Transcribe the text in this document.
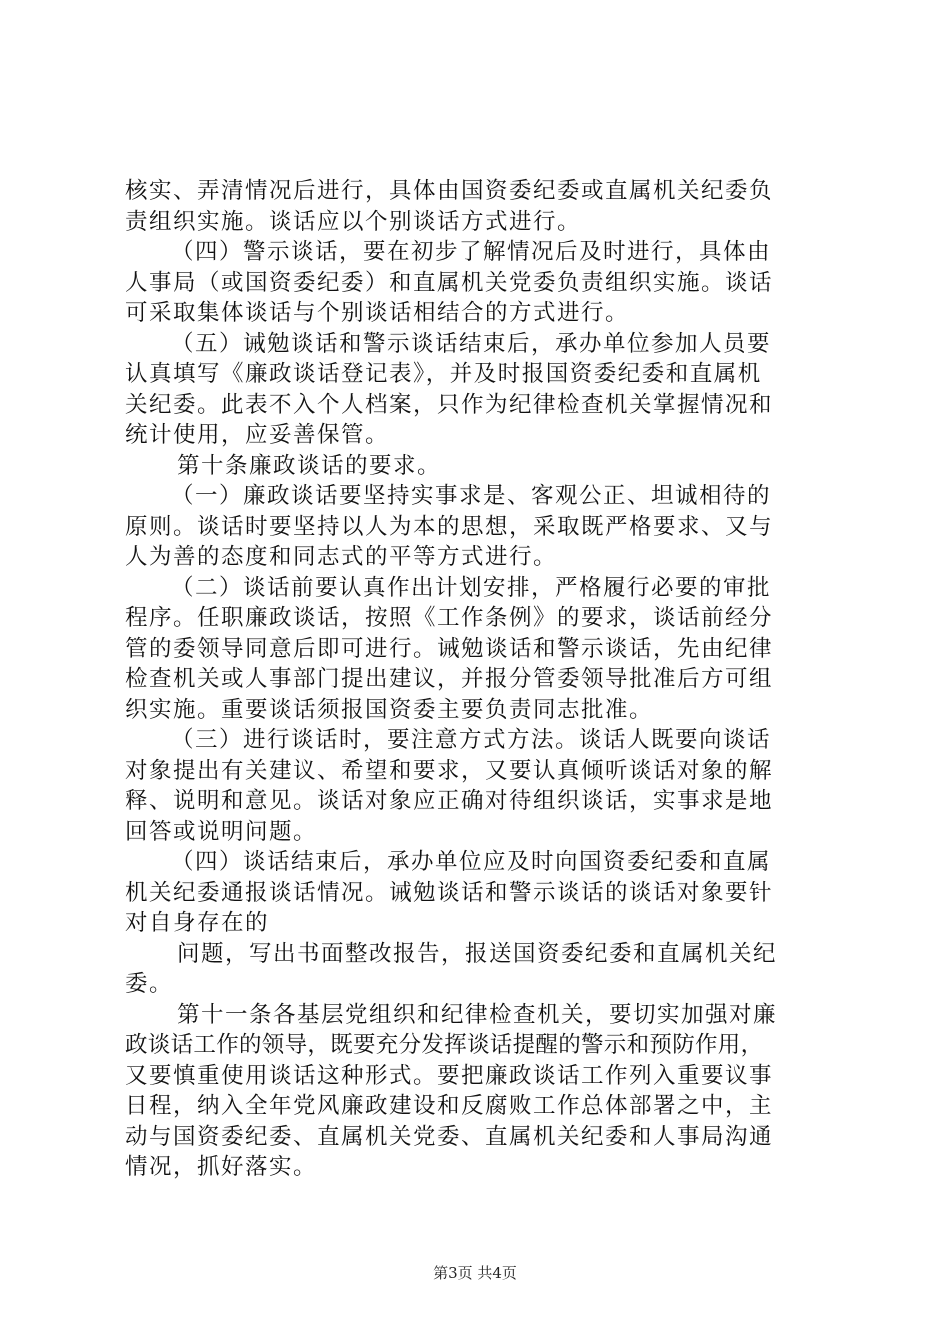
核实、弄清情况后进行，具体由国资委纪委或直属机关纪委负
责组织实施。谈话应以个别谈话方式进行。
（四）警示谈话，要在初步了解情况后及时进行，具体由
人事局（或国资委纪委）和直属机关党委负责组织实施。谈话
可采取集体谈话与个别谈话相结合的方式进行。
（五）诫勉谈话和警示谈话结束后，承办单位参加人员要
认真填写《廉政谈话登记表》，并及时报国资委纪委和直属机
关纪委。此表不入个人档案，只作为纪律检查机关掌握情况和
统计使用，应妥善保管。
第十条廉政谈话的要求。
（一）廉政谈话要坚持实事求是、客观公正、坦诚相待的
原则。谈话时要坚持以人为本的思想，采取既严格要求、又与
人为善的态度和同志式的平等方式进行。
（二）谈话前要认真作出计划安排，严格履行必要的审批
程序。任职廉政谈话，按照《工作条例》的要求，谈话前经分
管的委领导同意后即可进行。诫勉谈话和警示谈话，先由纪律
检查机关或人事部门提出建议，并报分管委领导批准后方可组
织实施。重要谈话须报国资委主要负责同志批准。
（三）进行谈话时，要注意方式方法。谈话人既要向谈话
对象提出有关建议、希望和要求，又要认真倾听谈话对象的解
释、说明和意见。谈话对象应正确对待组织谈话，实事求是地
回答或说明问题。
（四）谈话结束后，承办单位应及时向国资委纪委和直属
机关纪委通报谈话情况。诫勉谈话和警示谈话的谈话对象要针
对自身存在的
问题，写出书面整改报告，报送国资委纪委和直属机关纪
委。
第十一条各基层党组织和纪律检查机关，要切实加强对廉
政谈话工作的领导，既要充分发挥谈话提醒的警示和预防作用，
又要慎重使用谈话这种形式。要把廉政谈话工作列入重要议事
日程，纳入全年党风廉政建设和反腐败工作总体部署之中，主
动与国资委纪委、直属机关党委、直属机关纪委和人事局沟通
情况，抓好落实。
第3页 共4页
